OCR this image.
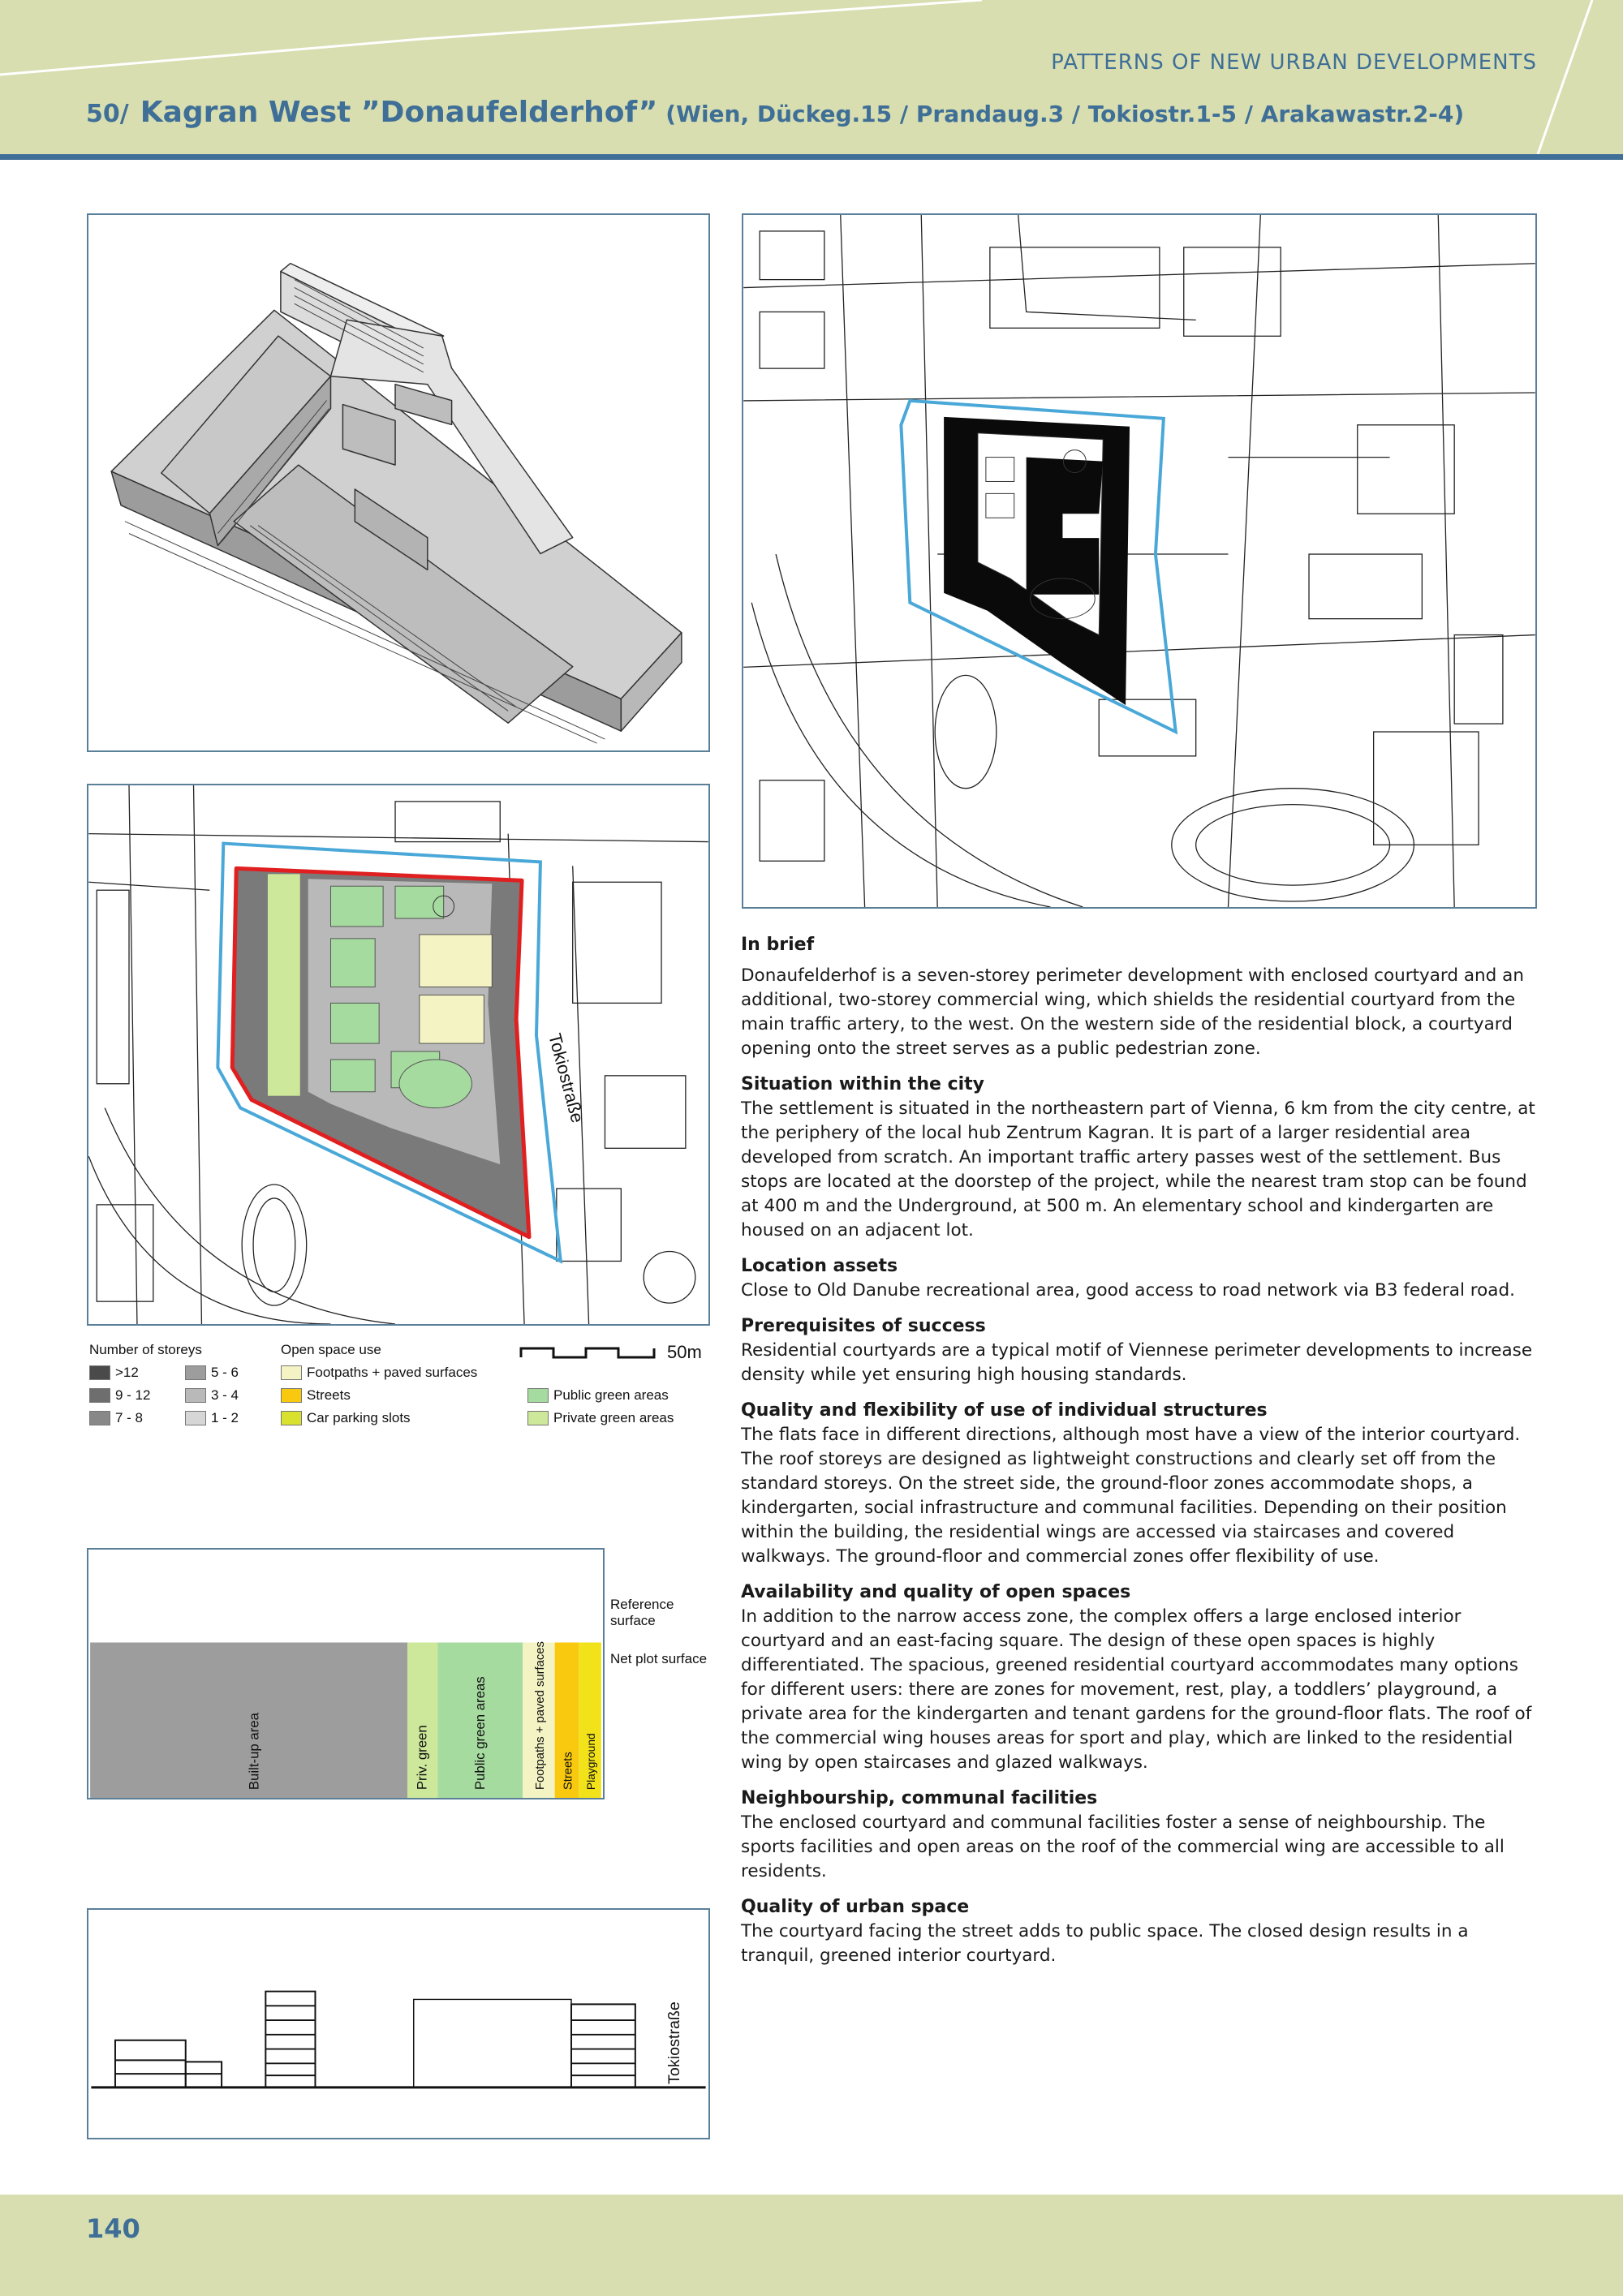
PATTERNS OF NEW URBAN DEVELOPMENTS
50/ Kagran West ”Donaufelderhof” (Wien, Dückeg.15 / Prandaug.3 / Tokiostr.1-5 / Arakawastr.2-4)
Tokiostraße
Number of storeys
>12
9 - 12
7 - 8
5 - 6
3 - 4
1 - 2
Open space use
Footpaths + paved surfaces
Streets
Car parking slots
Public green areas
Private green areas
50m
Built-up area	Priv. green	Public green areas	Footpaths + paved surfaces Streets Playground
Reference surface
Net plot surface
Tokiostraße
In brief

Donaufelderhof is a seven-storey perimeter development with enclosed courtyard and an additional, two-storey commercial wing, which shields the residential courtyard from the main traffic artery, to the west. On the western side of the residential block, a courtyard opening onto the street serves as a public pedestrian zone.

Situation within the city

The settlement is situated in the northeastern part of Vienna, 6 km from the city centre, at the periphery of the local hub Zentrum Kagran. It is part of a larger residential area developed from scratch. An important traffic artery passes west of the settlement. Bus stops are located at the doorstep of the project, while the nearest tram stop can be found at 400 m and the Underground, at 500 m. An elementary school and kindergarten are housed on an adjacent lot.

Location assets

Close to Old Danube recreational area, good access to road network via B3 federal road.

Prerequisites of success

Residential courtyards are a typical motif of Viennese perimeter developments to increase density while yet ensuring high housing standards.

Quality and flexibility of use of individual structures

The flats face in different directions, although most have a view of the interior courtyard. The roof storeys are designed as lightweight constructions and clearly set off from the standard storeys. On the street side, the ground-floor zones accommodate shops, a kindergarten, social infrastructure and communal facilities. Depending on their position within the building, the residential wings are accessed via staircases and covered walkways. The ground-floor and commercial zones offer flexibility of use.

Availability and quality of open spaces

In addition to the narrow access zone, the complex offers a large enclosed interior courtyard and an east-facing square. The design of these open spaces is highly differentiated. The spacious, greened residential courtyard accommodates many options for different users: there are zones for movement, rest, play, a toddlers’ playground, a private area for the kindergarten and tenant gardens for the ground-floor flats. The roof of the commercial wing houses areas for sport and play, which are linked to the residential wing by open staircases and glazed walkways.

Neighbourship, communal facilities

The enclosed courtyard and communal facilities foster a sense of neighbourship. The sports facilities and open areas on the roof of the commercial wing are accessible to all residents.

Quality of urban space

The courtyard facing the street adds to public space. The closed design results in a tranquil, greened interior courtyard.

140
